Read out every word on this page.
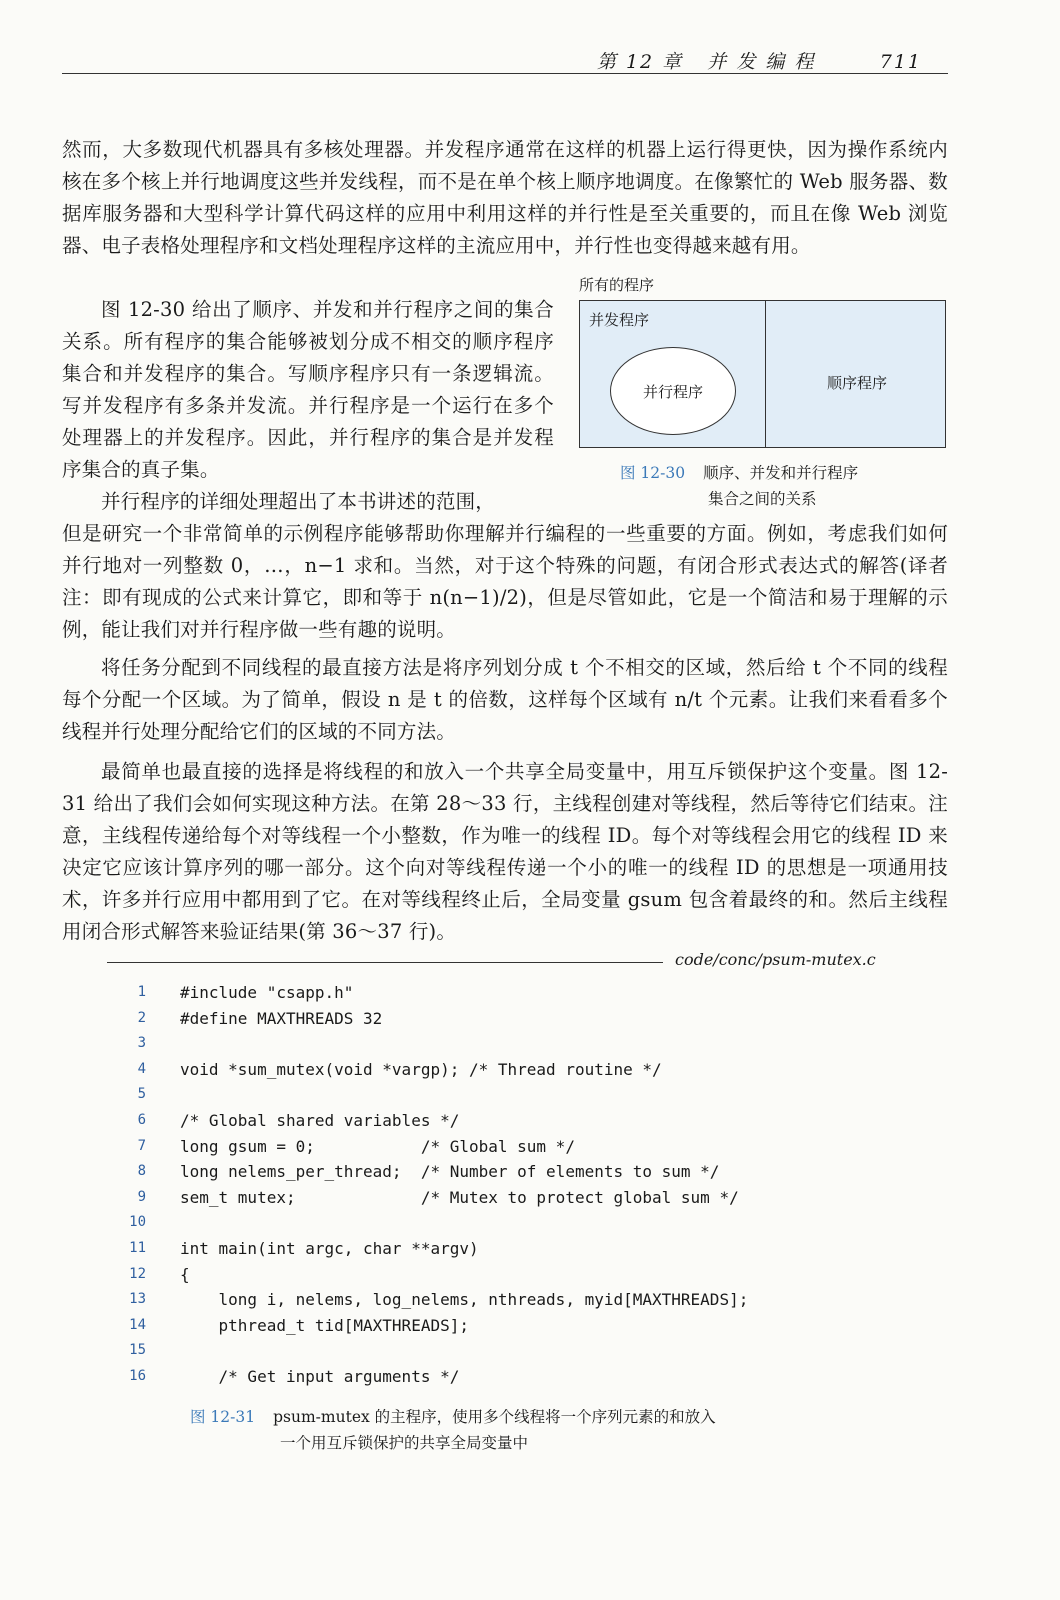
第 12 章   并 发 编 程        711

然而，大多数现代机器具有多核处理器。并发程序通常在这样的机器上运行得更快，因为操作系统内核在多个核上并行地调度这些并发线程，而不是在单个核上顺序地调度。在像繁忙的 Web 服务器、数据库服务器和大型科学计算代码这样的应用中利用这样的并行性是至关重要的，而且在像 Web 浏览器、电子表格处理程序和文档处理程序这样的主流应用中，并行性也变得越来越有用。

图 12-30 给出了顺序、并发和并行程序之间的集合关系。所有程序的集合能够被划分成不相交的顺序程序集合和并发程序的集合。写顺序程序只有一条逻辑流。写并发程序有多条并发流。并行程序是一个运行在多个处理器上的并发程序。因此，并行程序的集合是并发程序集合的真子集。

并行程序的详细处理超出了本书讲述的范围，

但是研究一个非常简单的示例程序能够帮助你理解并行编程的一些重要的方面。例如，考虑我们如何并行地对一列整数 0，…，n−1 求和。当然，对于这个特殊的问题，有闭合形式表达式的解答(译者注：即有现成的公式来计算它，即和等于 n(n−1)/2)，但是尽管如此，它是一个简洁和易于理解的示例，能让我们对并行程序做一些有趣的说明。

将任务分配到不同线程的最直接方法是将序列划分成 t 个不相交的区域，然后给 t 个不同的线程每个分配一个区域。为了简单，假设 n 是 t 的倍数，这样每个区域有 n/t 个元素。让我们来看看多个线程并行处理分配给它们的区域的不同方法。

最简单也最直接的选择是将线程的和放入一个共享全局变量中，用互斥锁保护这个变量。图 12-31 给出了我们会如何实现这种方法。在第 28～33 行，主线程创建对等线程，然后等待它们结束。注意，主线程传递给每个对等线程一个小整数，作为唯一的线程 ID。每个对等线程会用它的线程 ID 来决定它应该计算序列的哪一部分。这个向对等线程传递一个小的唯一的线程 ID 的思想是一项通用技术，许多并行应用中都用到了它。在对等线程终止后，全局变量 gsum 包含着最终的和。然后主线程用闭合形式解答来验证结果(第 36～37 行)。

所有的程序
并发程序
并行程序	顺序程序
图 12-30 顺序、并发和并行程序
集合之间的关系
code/conc/psum-mutex.c
1 #include "csapp.h"
2 #define MAXTHREADS 32
3
4 void *sum_mutex(void *vargp); /* Thread routine */
5
6 /* Global shared variables */
7 long gsum = 0;           /* Global sum */
8 long nelems_per_thread;  /* Number of elements to sum */
9 sem_t mutex;             /* Mutex to protect global sum */
10
11 int main(int argc, char **argv)
12 {
13 long i, nelems, log_nelems, nthreads, myid[MAXTHREADS];
14 pthread_t tid[MAXTHREADS];
15
16 /* Get input arguments */
图 12-31 psum-mutex 的主程序，使用多个线程将一个序列元素的和放入
一个用互斥锁保护的共享全局变量中
